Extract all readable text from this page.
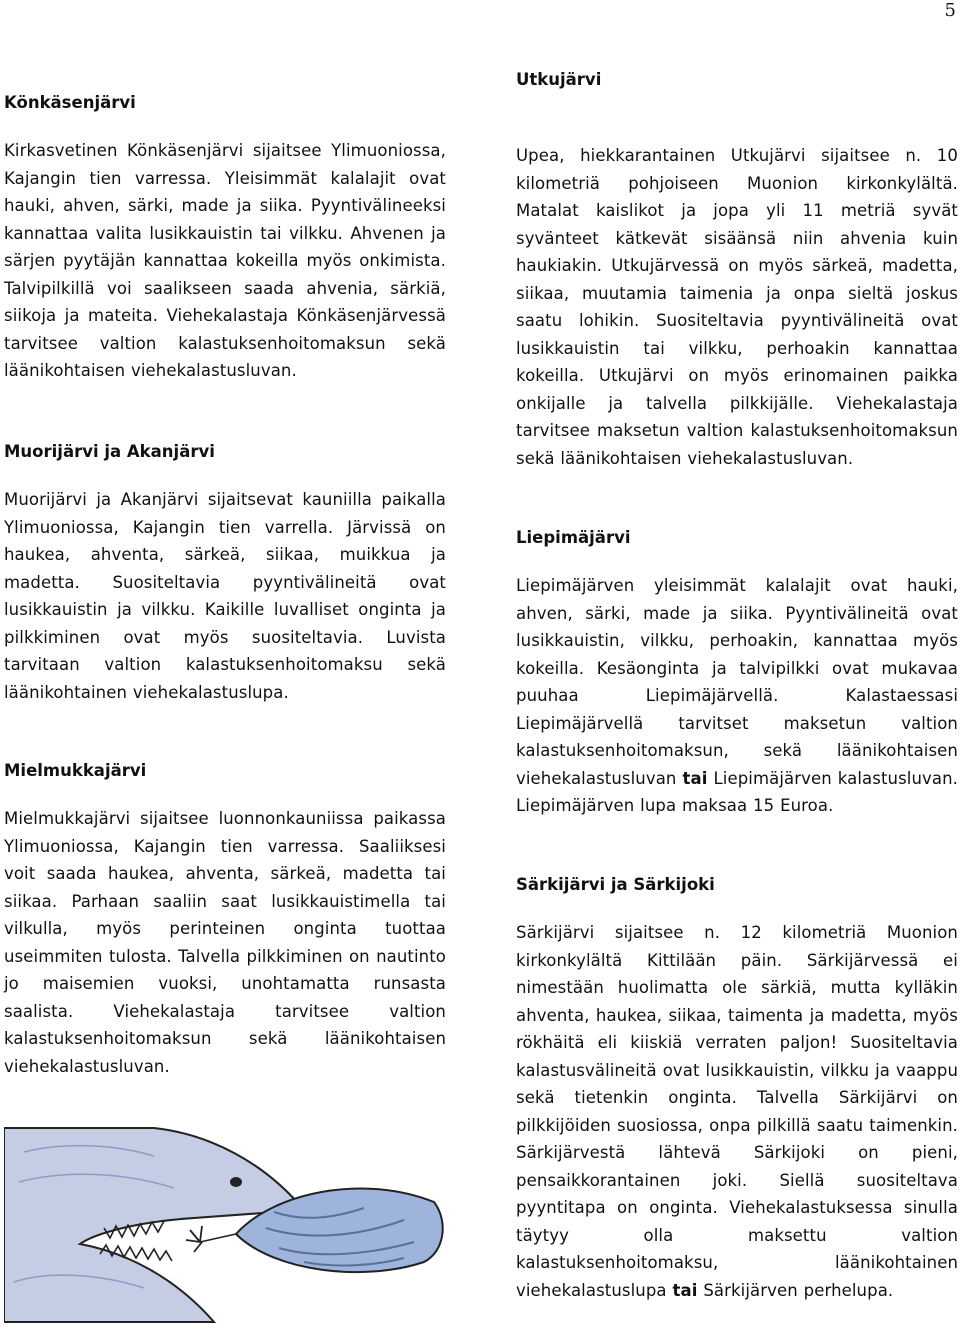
5
Könkäsenjärvi

Kirkasvetinen Könkäsenjärvi sijaitsee Ylimuoniossa, Kajangin tien varressa. Yleisimmät kalalajit ovat hauki, ahven, särki, made ja siika. Pyyntivälineeksi kannattaa valita lusikkauistin tai vilkku. Ahvenen ja särjen pyytäjän kannattaa kokeilla myös onkimista. Talvipilkillä voi saalikseen saada ahvenia, särkiä, siikoja ja mateita. Viehekalastaja Könkäsenjärvessä tarvitsee valtion kalastuksenhoitomaksun sekä läänikohtaisen viehekalastusluvan.

Muorijärvi ja Akanjärvi

Muorijärvi ja Akanjärvi sijaitsevat kauniilla paikalla Ylimuoniossa, Kajangin tien varrella. Järvissä on haukea, ahventa, särkeä, siikaa, muikkua ja madetta. Suositeltavia pyyntivälineitä ovat lusikkauistin ja vilkku. Kaikille luvalliset onginta ja pilkkiminen ovat myös suositeltavia. Luvista tarvitaan valtion kalastuksenhoitomaksu sekä läänikohtainen viehekalastuslupa.

Mielmukkajärvi

Mielmukkajärvi sijaitsee luonnonkauniissa paikassa Ylimuoniossa, Kajangin tien varressa. Saaliiksesi voit saada haukea, ahventa, särkeä, madetta tai siikaa. Parhaan saaliin saat lusikkauistimella tai vilkulla, myös perinteinen onginta tuottaa useimmiten tulosta. Talvella pilkkiminen on nautinto jo maisemien vuoksi, unohtamatta runsasta saalista. Viehekalastaja tarvitsee valtion kalastuksenhoitomaksun sekä läänikohtaisen viehekalastusluvan.

Utkujärvi

Upea, hiekkarantainen Utkujärvi sijaitsee n. 10 kilometriä pohjoiseen Muonion kirkonkylältä. Matalat kaislikot ja jopa yli 11 metriä syvät syvänteet kätkevät sisäänsä niin ahvenia kuin haukiakin. Utkujärvessä on myös särkeä, madetta, siikaa, muutamia taimenia ja onpa sieltä joskus saatu lohikin. Suositeltavia pyyntivälineitä ovat lusikkauistin tai vilkku, perhoakin kannattaa kokeilla. Utkujärvi on myös erinomainen paikka onkijalle ja talvella pilkkijälle. Viehekalastaja tarvitsee maksetun valtion kalastuksenhoitomaksun sekä läänikohtaisen viehekalastusluvan.

Liepimäjärvi

Liepimäjärven yleisimmät kalalajit ovat hauki, ahven, särki, made ja siika. Pyyntivälineitä ovat lusikkauistin, vilkku, perhoakin, kannattaa myös kokeilla. Kesäonginta ja talvipilkki ovat mukavaa puuhaa Liepimäjärvellä. Kalastaessasi Liepimäjärvellä tarvitset maksetun valtion kalastuksenhoitomaksun, sekä läänikohtaisen viehekalastusluvan tai Liepimäjärven kalastusluvan. Liepimäjärven lupa maksaa 15 Euroa.

Särkijärvi ja Särkijoki

Särkijärvi sijaitsee n. 12 kilometriä Muonion kirkonkylältä Kittilään päin. Särkijärvessä ei nimestään huolimatta ole särkiä, mutta kylläkin ahventa, haukea, siikaa, taimenta ja madetta, myös rökhäitä eli kiiskiä verraten paljon! Suositeltavia kalastusvälineitä ovat lusikkauistin, vilkku ja vaappu sekä tietenkin onginta. Talvella Särkijärvi on pilkkijöiden suosiossa, onpa pilkillä saatu taimenkin. Särkijärvestä lähtevä Särkijoki on pieni, pensaikkorantainen joki. Siellä suositeltava pyyntitapa on onginta. Viehekalastuksessa sinulla täytyy olla maksettu valtion kalastuksenhoitomaksu, läänikohtainen viehekalastuslupa tai Särkijärven perhelupa.
